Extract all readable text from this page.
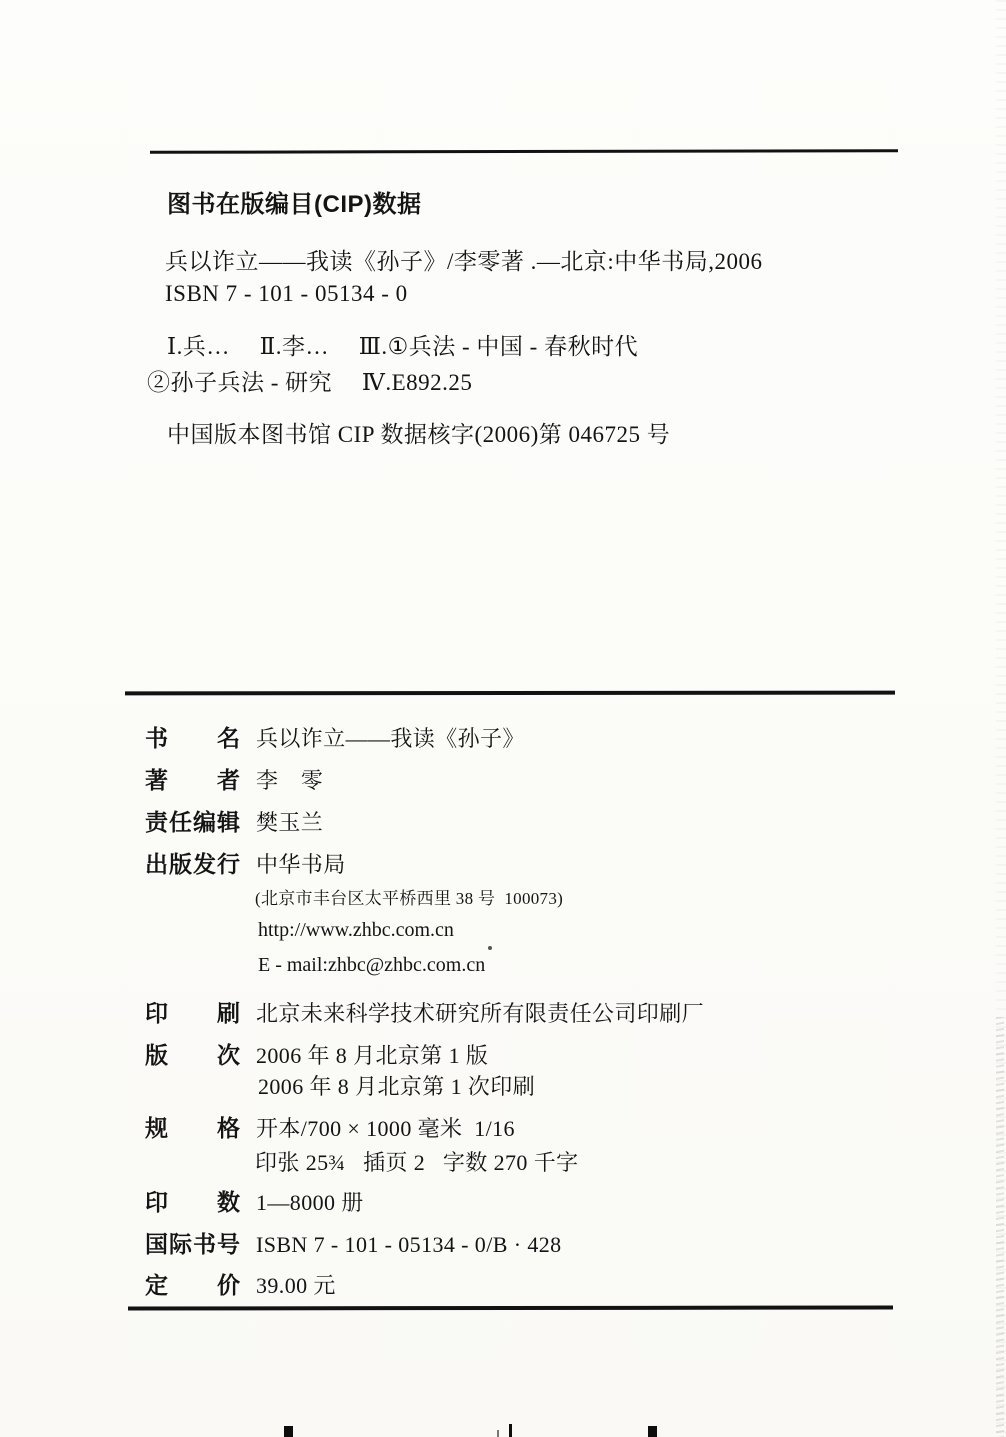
图书在版编目(CIP)数据

兵以诈立——我读《孙子》/李零著 .—北京:中华书局,2006

ISBN 7 - 101 - 05134 - 0

Ⅰ.兵…　 Ⅱ.李…　 Ⅲ.①兵法 - 中国 - 春秋时代

②孙子兵法 - 研究　 Ⅳ.E892.25

中国版本图书馆 CIP 数据核字(2006)第 046725 号

书名 兵以诈立——我读《孙子》
著者 李　零
责任编辑 樊玉兰
出版发行 中华书局

(北京市丰台区太平桥西里 38 号  100073)

http://www.zhbc.com.cn

E - mail:zhbc@zhbc.com.cn

印刷 北京未来科学技术研究所有限责任公司印刷厂
版次 2006 年 8 月北京第 1 版

2006 年 8 月北京第 1 次印刷

规格 开本/700 × 1000 毫米  1/16

印张 25¾   插页 2   字数 270 千字

印数 1—8000 册
国际书号 ISBN 7 - 101 - 05134 - 0/B · 428
定价 39.00 元
